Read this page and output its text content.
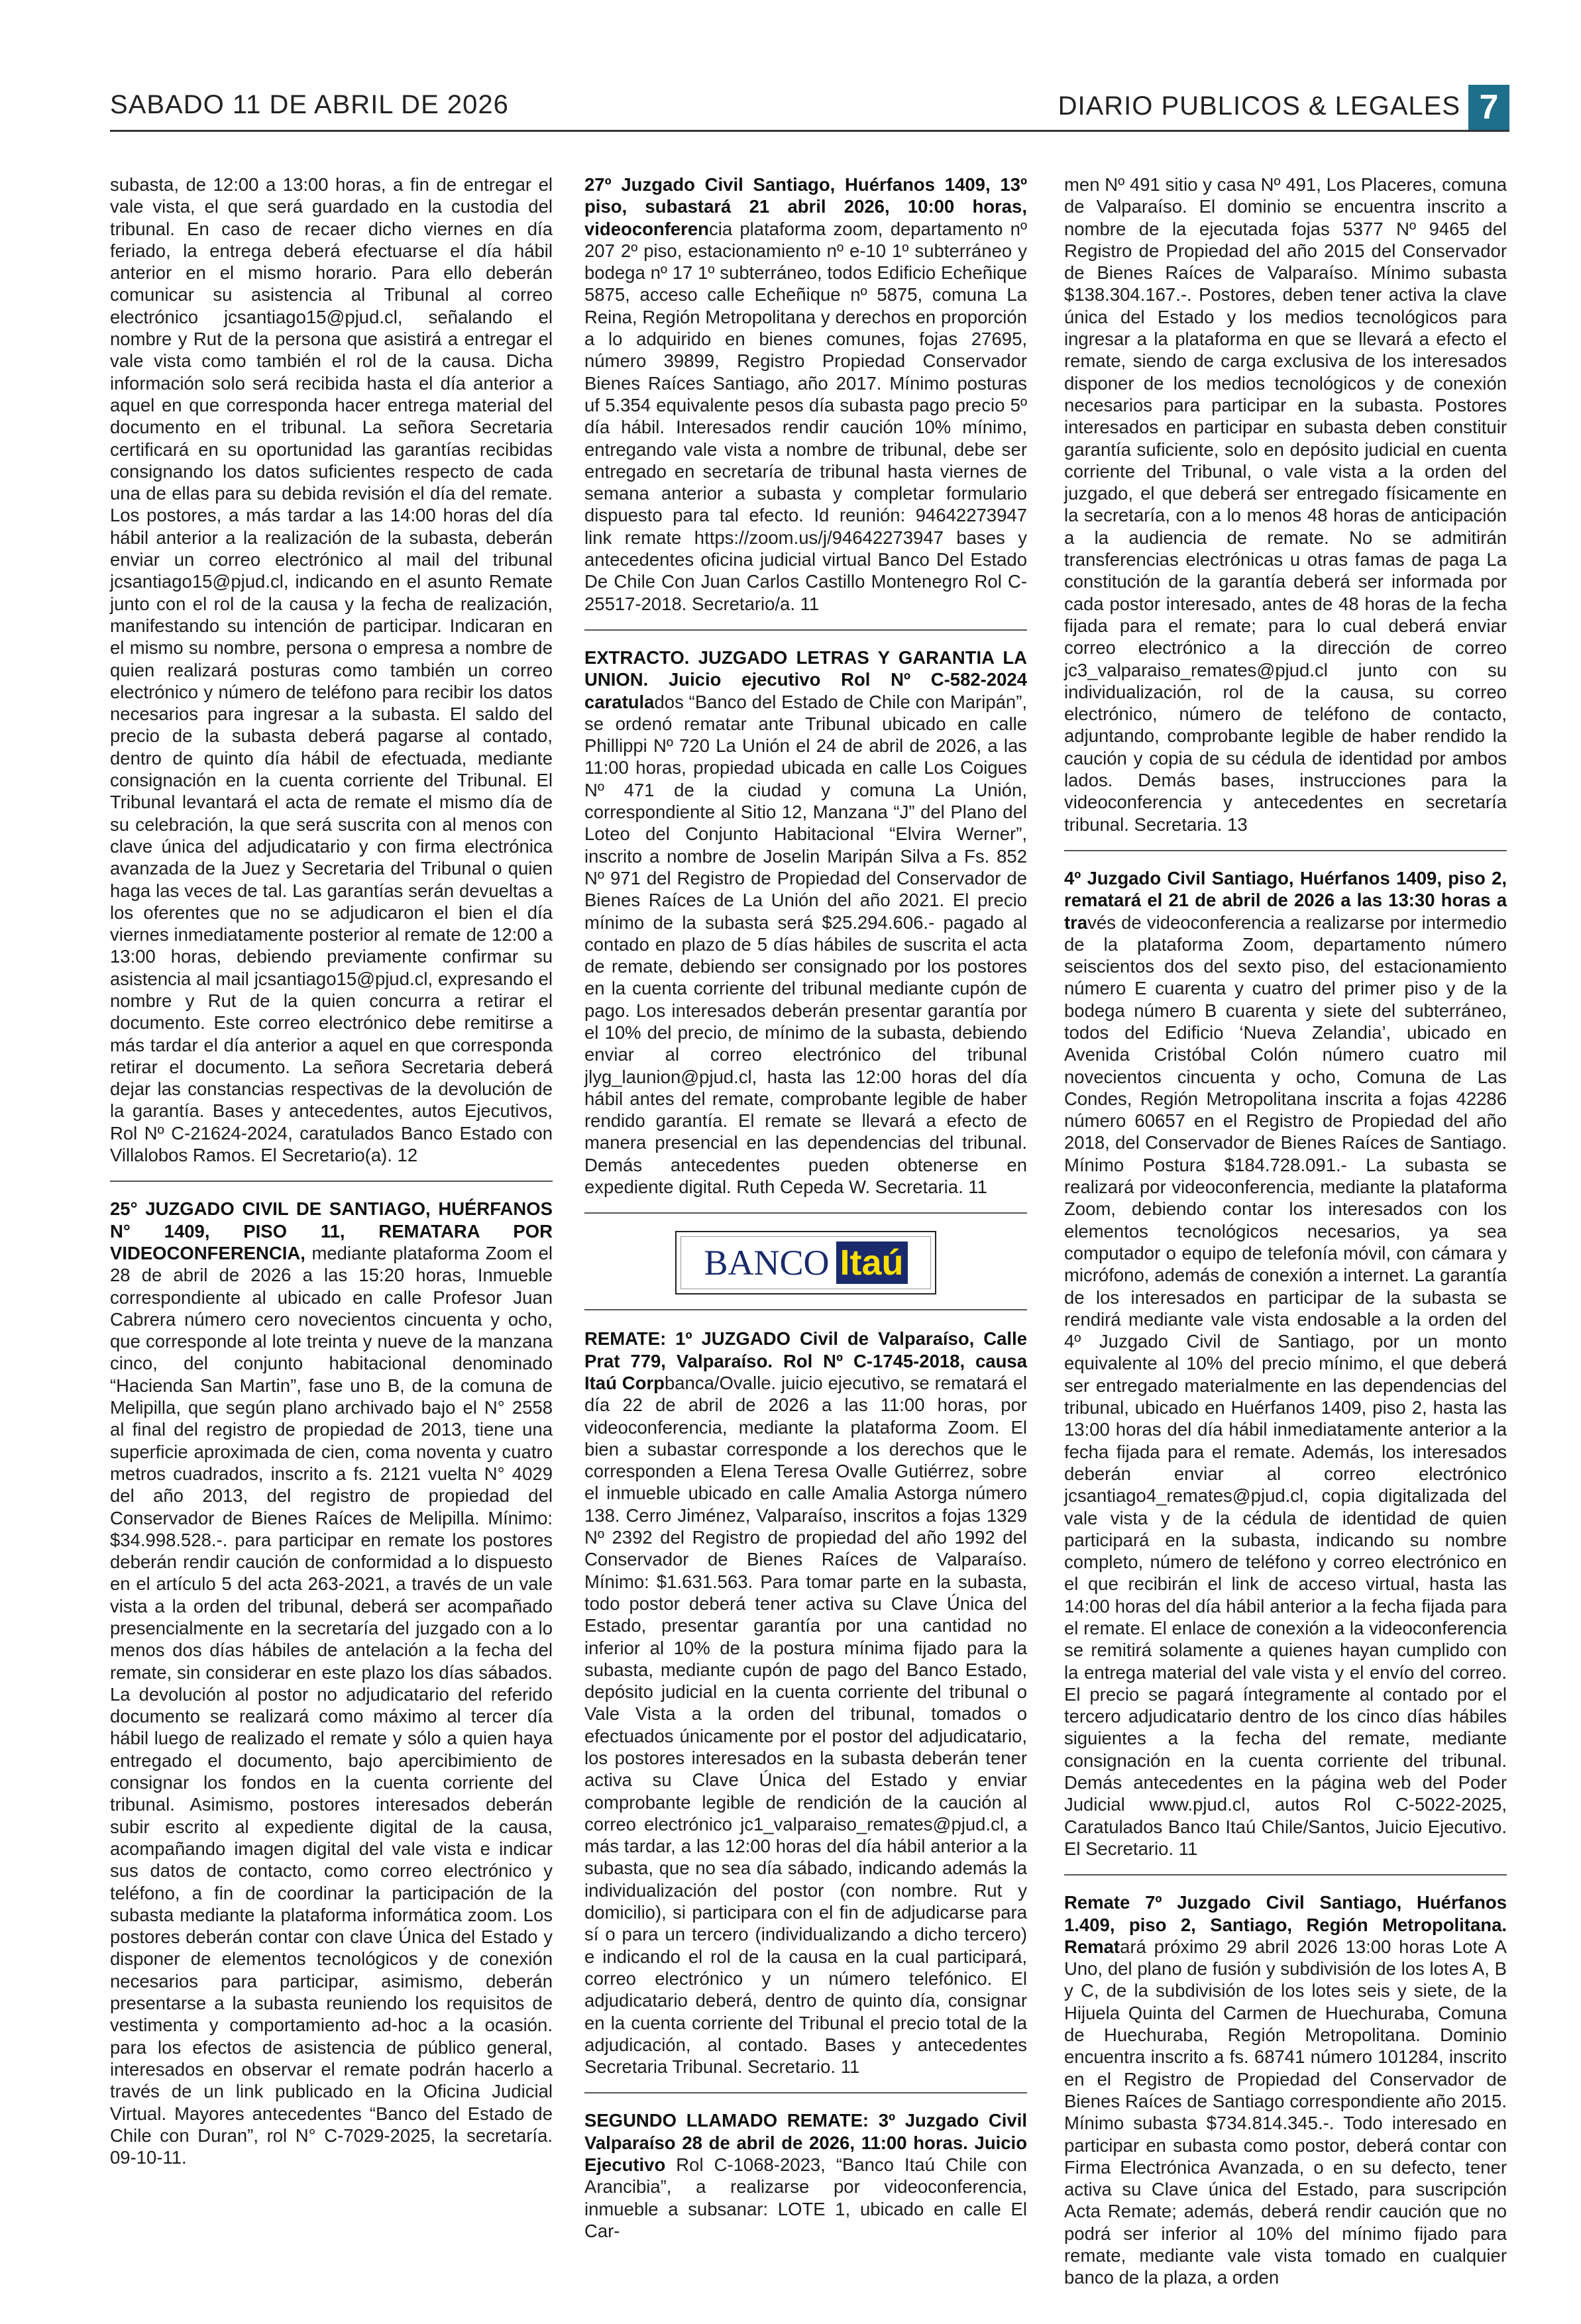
SABADO 11 DE ABRIL DE 2026	DIARIO PUBLICOS & LEGALES 7

subasta, de 12:00 a 13:00 horas, a fin de entregar el vale vista, el que será guardado en la custodia del tribunal. En caso de recaer dicho viernes en día feriado, la entrega deberá efectuarse el día hábil anterior en el mismo horario. Para ello deberán comunicar su asistencia al Tribunal al correo electrónico jcsantiago15@pjud.cl, señalando el nombre y Rut de la persona que asistirá a entregar el vale vista como también el rol de la causa. Dicha información solo será recibida hasta el día anterior a aquel en que corresponda hacer entrega material del documento en el tribunal. La señora Secretaria certificará en su oportunidad las garantías recibidas consignando los datos suficientes respecto de cada una de ellas para su debida revisión el día del remate. Los postores, a más tardar a las 14:00 horas del día hábil anterior a la realización de la subasta, deberán enviar un correo electrónico al mail del tribunal jcsantiago15@pjud.cl, indicando en el asunto Remate junto con el rol de la causa y la fecha de realización, manifestando su intención de participar. Indicaran en el mismo su nombre, persona o empresa a nombre de quien realizará posturas como también un correo electrónico y número de teléfono para recibir los datos necesarios para ingresar a la subasta. El saldo del precio de la subasta deberá pagarse al contado, dentro de quinto día hábil de efectuada, mediante consignación en la cuenta corriente del Tribunal. El Tribunal levantará el acta de remate el mismo día de su celebración, la que será suscrita con al menos con clave única del adjudicatario y con firma electrónica avanzada de la Juez y Secretaria del Tribunal o quien haga las veces de tal. Las garantías serán devueltas a los oferentes que no se adjudicaron el bien el día viernes inmediatamente posterior al remate de 12:00 a 13:00 horas, debiendo previamente confirmar su asistencia al mail jcsantiago15@pjud.cl, expresando el nombre y Rut de la quien concurra a retirar el documento. Este correo electrónico debe remitirse a más tardar el día anterior a aquel en que corresponda retirar el documento. La señora Secretaria deberá dejar las constancias respectivas de la devolución de la garantía. Bases y antecedentes, autos Ejecutivos, Rol Nº C-21624-2024, caratulados Banco Estado con Villalobos Ramos. El Secretario(a). 12

25° JUZGADO CIVIL DE SANTIAGO, HUÉRFANOS N° 1409, PISO 11, REMATARA POR VIDEOCONFERENCIA, mediante plataforma Zoom el 28 de abril de 2026 a las 15:20 horas, Inmueble correspondiente al ubicado en calle Profesor Juan Cabrera número cero novecientos cincuenta y ocho, que corresponde al lote treinta y nueve de la manzana cinco, del conjunto habitacional denominado “Hacienda San Martin”, fase uno B, de la comuna de Melipilla, que según plano archivado bajo el N° 2558 al final del registro de propiedad de 2013, tiene una superficie aproximada de cien, coma noventa y cuatro metros cuadrados, inscrito a fs. 2121 vuelta N° 4029 del año 2013, del registro de propiedad del Conservador de Bienes Raíces de Melipilla. Mínimo: $34.998.528.-. para participar en remate los postores deberán rendir caución de conformidad a lo dispuesto en el artículo 5 del acta 263-2021, a través de un vale vista a la orden del tribunal, deberá ser acompañado presencialmente en la secretaría del juzgado con a lo menos dos días hábiles de antelación a la fecha del remate, sin considerar en este plazo los días sábados. La devolución al postor no adjudicatario del referido documento se realizará como máximo al tercer día hábil luego de realizado el remate y sólo a quien haya entregado el documento, bajo apercibimiento de consignar los fondos en la cuenta corriente del tribunal. Asimismo, postores interesados deberán subir escrito al expediente digital de la causa, acompañando imagen digital del vale vista e indicar sus datos de contacto, como correo electrónico y teléfono, a fin de coordinar la participación de la subasta mediante la plataforma informática zoom. Los postores deberán contar con clave Única del Estado y disponer de elementos tecnológicos y de conexión necesarios para participar, asimismo, deberán presentarse a la subasta reuniendo los requisitos de vestimenta y comportamiento ad-hoc a la ocasión. para los efectos de asistencia de público general, interesados en observar el remate podrán hacerlo a través de un link publicado en la Oficina Judicial Virtual. Mayores antecedentes “Banco del Estado de Chile con Duran”, rol N° C-7029-2025, la secretaría. 09-10-11.

27º Juzgado Civil Santiago, Huérfanos 1409, 13º piso, subastará 21 abril 2026, 10:00 horas, videoconferencia plataforma zoom, departamento nº 207 2º piso, estacionamiento nº e-10 1º subterráneo y bodega nº 17 1º subterráneo, todos Edificio Echeñique 5875, acceso calle Echeñique nº 5875, comuna La Reina, Región Metropolitana y derechos en proporción a lo adquirido en bienes comunes, fojas 27695, número 39899, Registro Propiedad Conservador Bienes Raíces Santiago, año 2017. Mínimo posturas uf 5.354 equivalente pesos día subasta pago precio 5º día hábil. Interesados rendir caución 10% mínimo, entregando vale vista a nombre de tribunal, debe ser entregado en secretaría de tribunal hasta viernes de semana anterior a subasta y completar formulario dispuesto para tal efecto. Id reunión: 94642273947 link remate https://zoom.us/j/94642273947 bases y antecedentes oficina judicial virtual Banco Del Estado De Chile Con Juan Carlos Castillo Montenegro Rol C-25517-2018. Secretario/a. 11

EXTRACTO. JUZGADO LETRAS Y GARANTIA LA UNION. Juicio ejecutivo Rol Nº C-582-2024 caratulados “Banco del Estado de Chile con Maripán”, se ordenó rematar ante Tribunal ubicado en calle Phillippi Nº 720 La Unión el 24 de abril de 2026, a las 11:00 horas, propiedad ubicada en calle Los Coigues Nº 471 de la ciudad y comuna La Unión, correspondiente al Sitio 12, Manzana “J” del Plano del Loteo del Conjunto Habitacional “Elvira Werner”, inscrito a nombre de Joselin Maripán Silva a Fs. 852 Nº 971 del Registro de Propiedad del Conservador de Bienes Raíces de La Unión del año 2021. El precio mínimo de la subasta será $25.294.606.- pagado al contado en plazo de 5 días hábiles de suscrita el acta de remate, debiendo ser consignado por los postores en la cuenta corriente del tribunal mediante cupón de pago. Los interesados deberán presentar garantía por el 10% del precio, de mínimo de la subasta, debiendo enviar al correo electrónico del tribunal jlyg_launion@pjud.cl, hasta las 12:00 horas del día hábil antes del remate, comprobante legible de haber rendido garantía. El remate se llevará a efecto de manera presencial en las dependencias del tribunal. Demás antecedentes pueden obtenerse en expediente digital. Ruth Cepeda W. Secretaria. 11

BANCO Itaú

REMATE: 1º JUZGADO Civil de Valparaíso, Calle Prat 779, Valparaíso. Rol Nº C-1745-2018, causa Itaú Corpbanca/Ovalle. juicio ejecutivo, se rematará el día 22 de abril de 2026 a las 11:00 horas, por videoconferencia, mediante la plataforma Zoom. El bien a subastar corresponde a los derechos que le corresponden a Elena Teresa Ovalle Gutiérrez, sobre el inmueble ubicado en calle Amalia Astorga número 138. Cerro Jiménez, Valparaíso, inscritos a fojas 1329 Nº 2392 del Registro de propiedad del año 1992 del Conservador de Bienes Raíces de Valparaíso. Mínimo: $1.631.563. Para tomar parte en la subasta, todo postor deberá tener activa su Clave Única del Estado, presentar garantía por una cantidad no inferior al 10% de la postura mínima fijado para la subasta, mediante cupón de pago del Banco Estado, depósito judicial en la cuenta corriente del tribunal o Vale Vista a la orden del tribunal, tomados o efectuados únicamente por el postor del adjudicatario, los postores interesados en la subasta deberán tener activa su Clave Única del Estado y enviar comprobante legible de rendición de la caución al correo electrónico jc1_valparaiso_remates@pjud.cl, a más tardar, a las 12:00 horas del día hábil anterior a la subasta, que no sea día sábado, indicando además la individualización del postor (con nombre. Rut y domicilio), si participara con el fin de adjudicarse para sí o para un tercero (individualizando a dicho tercero) e indicando el rol de la causa en la cual participará, correo electrónico y un número telefónico. El adjudicatario deberá, dentro de quinto día, consignar en la cuenta corriente del Tribunal el precio total de la adjudicación, al contado. Bases y antecedentes Secretaria Tribunal. Secretario. 11

SEGUNDO LLAMADO REMATE: 3º Juzgado Civil Valparaíso 28 de abril de 2026, 11:00 horas. Juicio Ejecutivo Rol C-1068-2023, “Banco Itaú Chile con Arancibia”, a realizarse por videoconferencia, inmueble a subsanar: LOTE 1, ubicado en calle El Car-

men Nº 491 sitio y casa Nº 491, Los Placeres, comuna de Valparaíso. El dominio se encuentra inscrito a nombre de la ejecutada fojas 5377 Nº 9465 del Registro de Propiedad del año 2015 del Conservador de Bienes Raíces de Valparaíso. Mínimo subasta $138.304.167.-. Postores, deben tener activa la clave única del Estado y los medios tecnológicos para ingresar a la plataforma en que se llevará a efecto el remate, siendo de carga exclusiva de los interesados disponer de los medios tecnológicos y de conexión necesarios para participar en la subasta. Postores interesados en participar en subasta deben constituir garantía suficiente, solo en depósito judicial en cuenta corriente del Tribunal, o vale vista a la orden del juzgado, el que deberá ser entregado físicamente en la secretaría, con a lo menos 48 horas de anticipación a la audiencia de remate. No se admitirán transferencias electrónicas u otras famas de paga La constitución de la garantía deberá ser informada por cada postor interesado, antes de 48 horas de la fecha fijada para el remate; para lo cual deberá enviar correo electrónico a la dirección de correo jc3_valparaiso_remates@pjud.cl junto con su individualización, rol de la causa, su correo electrónico, número de teléfono de contacto, adjuntando, comprobante legible de haber rendido la caución y copia de su cédula de identidad por ambos lados. Demás bases, instrucciones para la videoconferencia y antecedentes en secretaría tribunal. Secretaria. 13

4º Juzgado Civil Santiago, Huérfanos 1409, piso 2, rematará el 21 de abril de 2026 a las 13:30 horas a través de videoconferencia a realizarse por intermedio de la plataforma Zoom, departamento número seiscientos dos del sexto piso, del estacionamiento número E cuarenta y cuatro del primer piso y de la bodega número B cuarenta y siete del subterráneo, todos del Edificio ‘Nueva Zelandia’, ubicado en Avenida Cristóbal Colón número cuatro mil novecientos cincuenta y ocho, Comuna de Las Condes, Región Metropolitana inscrita a fojas 42286 número 60657 en el Registro de Propiedad del año 2018, del Conservador de Bienes Raíces de Santiago. Mínimo Postura $184.728.091.- La subasta se realizará por videoconferencia, mediante la plataforma Zoom, debiendo contar los interesados con los elementos tecnológicos necesarios, ya sea computador o equipo de telefonía móvil, con cámara y micrófono, además de conexión a internet. La garantía de los interesados en participar de la subasta se rendirá mediante vale vista endosable a la orden del 4º Juzgado Civil de Santiago, por un monto equivalente al 10% del precio mínimo, el que deberá ser entregado materialmente en las dependencias del tribunal, ubicado en Huérfanos 1409, piso 2, hasta las 13:00 horas del día hábil inmediatamente anterior a la fecha fijada para el remate. Además, los interesados deberán enviar al correo electrónico jcsantiago4_remates@pjud.cl, copia digitalizada del vale vista y de la cédula de identidad de quien participará en la subasta, indicando su nombre completo, número de teléfono y correo electrónico en el que recibirán el link de acceso virtual, hasta las 14:00 horas del día hábil anterior a la fecha fijada para el remate. El enlace de conexión a la videoconferencia se remitirá solamente a quienes hayan cumplido con la entrega material del vale vista y el envío del correo. El precio se pagará íntegramente al contado por el tercero adjudicatario dentro de los cinco días hábiles siguientes a la fecha del remate, mediante consignación en la cuenta corriente del tribunal. Demás antecedentes en la página web del Poder Judicial www.pjud.cl, autos Rol C-5022-2025, Caratulados Banco Itaú Chile/Santos, Juicio Ejecutivo. El Secretario. 11

Remate 7º Juzgado Civil Santiago, Huérfanos 1.409, piso 2, Santiago, Región Metropolitana. Rematará próximo 29 abril 2026 13:00 horas Lote A Uno, del plano de fusión y subdivisión de los lotes A, B y C, de la subdivisión de los lotes seis y siete, de la Hijuela Quinta del Carmen de Huechuraba, Comuna de Huechuraba, Región Metropolitana. Dominio encuentra inscrito a fs. 68741 número 101284, inscrito en el Registro de Propiedad del Conservador de Bienes Raíces de Santiago correspondiente año 2015. Mínimo subasta $734.814.345.-. Todo interesado en participar en subasta como postor, deberá contar con Firma Electrónica Avanzada, o en su defecto, tener activa su Clave única del Estado, para suscripción Acta Remate; además, deberá rendir caución que no podrá ser inferior al 10% del mínimo fijado para remate, mediante vale vista tomado en cualquier banco de la plaza, a orden
